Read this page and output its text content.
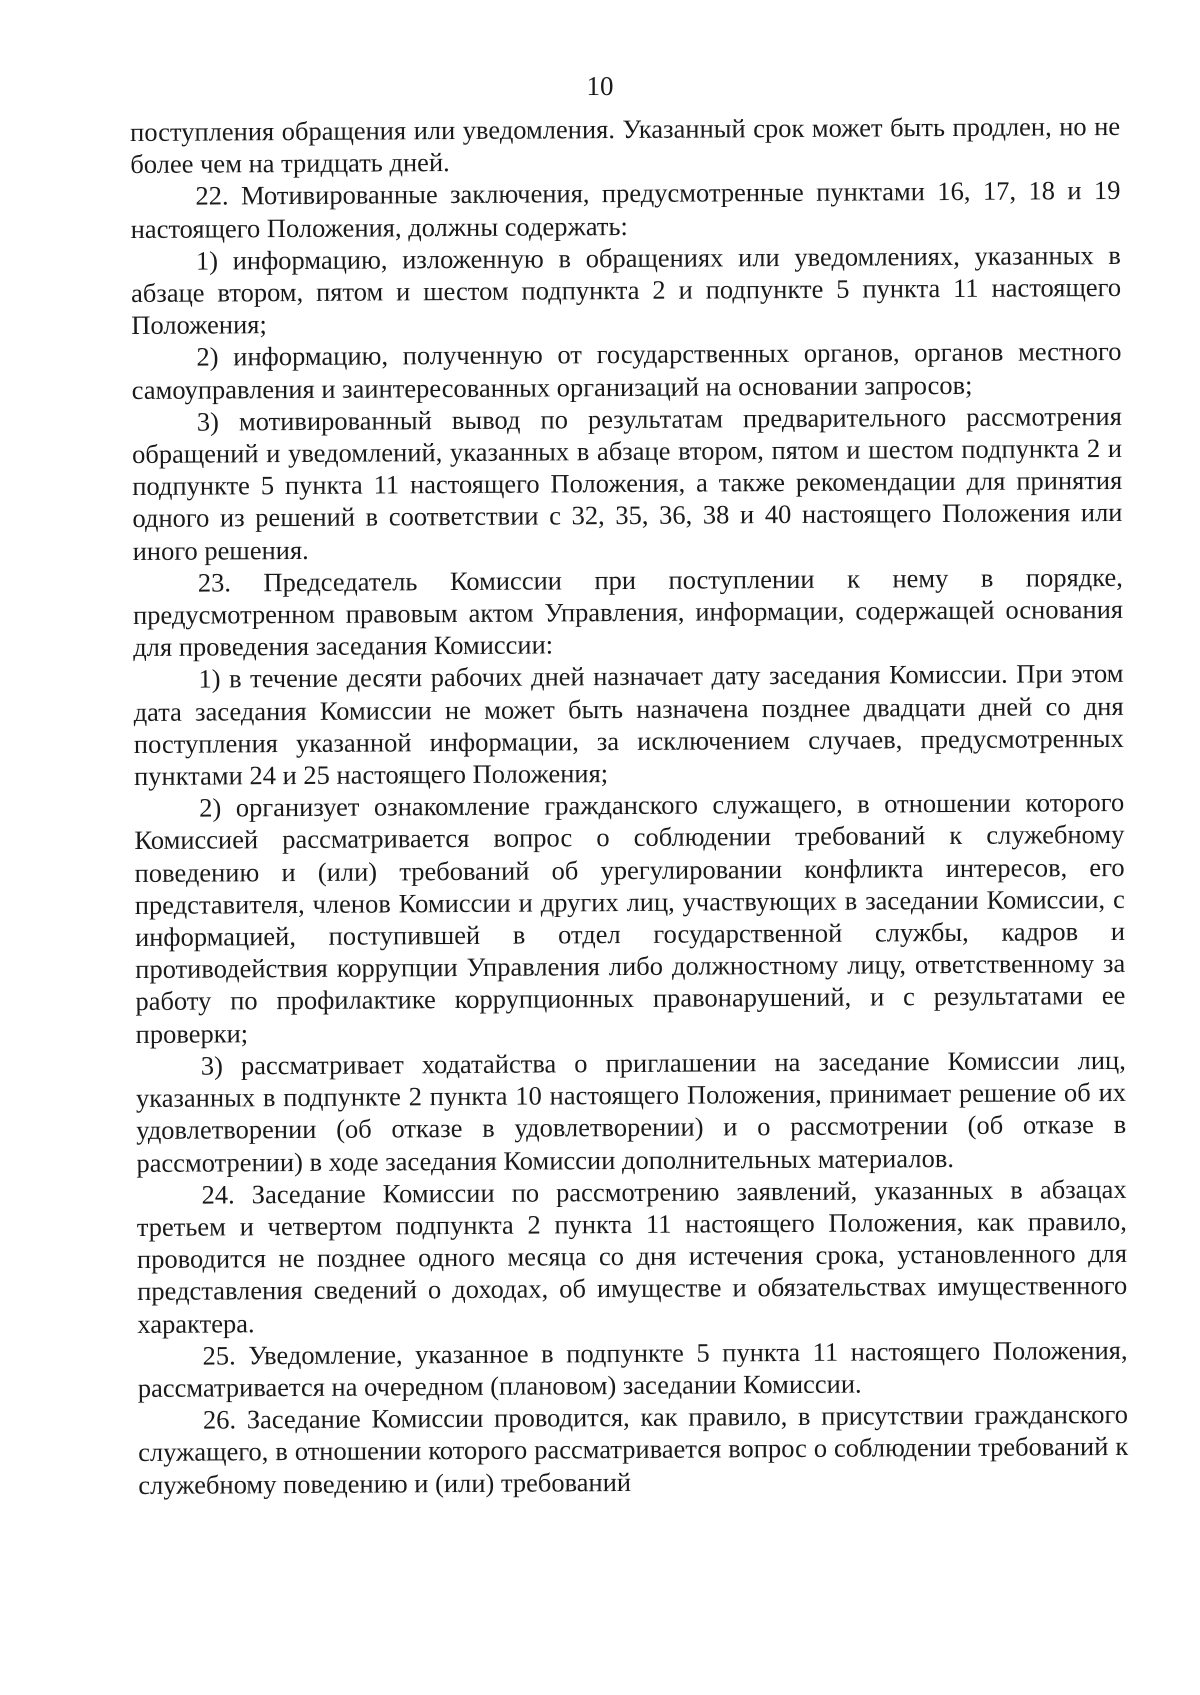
10

поступления обращения или уведомления. Указанный срок может быть продлен, но не более чем на тридцать дней.

22. Мотивированные заключения, предусмотренные пунктами 16, 17, 18 и 19 настоящего Положения, должны содержать:

1) информацию, изложенную в обращениях или уведомлениях, указанных в абзаце втором, пятом и шестом подпункта 2 и подпункте 5 пункта 11 настоящего Положения;

2) информацию, полученную от государственных органов, органов местного самоуправления и заинтересованных организаций на основании запросов;

3) мотивированный вывод по результатам предварительного рассмотрения обращений и уведомлений, указанных в абзаце втором, пятом и шестом подпункта 2 и подпункте 5 пункта 11 настоящего Положения, а также рекомендации для принятия одного из решений в соответствии с 32, 35, 36, 38 и 40 настоящего Положения или иного решения.

23. Председатель Комиссии при поступлении к нему в порядке, предусмотренном правовым актом Управления, информации, содержащей основания для проведения заседания Комиссии:

1) в течение десяти рабочих дней назначает дату заседания Комиссии. При этом дата заседания Комиссии не может быть назначена позднее двадцати дней со дня поступления указанной информации, за исключением случаев, предусмотренных пунктами 24 и 25 настоящего Положения;

2) организует ознакомление гражданского служащего, в отношении которого Комиссией рассматривается вопрос о соблюдении требований к служебному поведению и (или) требований об урегулировании конфликта интересов, его представителя, членов Комиссии и других лиц, участвующих в заседании Комиссии, с информацией, поступившей в отдел государственной службы, кадров и противодействия коррупции Управления либо должностному лицу, ответственному за работу по профилактике коррупционных правонарушений, и с результатами ее проверки;

3) рассматривает ходатайства о приглашении на заседание Комиссии лиц, указанных в подпункте 2 пункта 10 настоящего Положения, принимает решение об их удовлетворении (об отказе в удовлетворении) и о рассмотрении (об отказе в рассмотрении) в ходе заседания Комиссии дополнительных материалов.

24. Заседание Комиссии по рассмотрению заявлений, указанных в абзацах третьем и четвертом подпункта 2 пункта 11 настоящего Положения, как правило, проводится не позднее одного месяца со дня истечения срока, установленного для представления сведений о доходах, об имуществе и обязательствах имущественного характера.

25. Уведомление, указанное в подпункте 5 пункта 11 настоящего Положения, рассматривается на очередном (плановом) заседании Комиссии.

26. Заседание Комиссии проводится, как правило, в присутствии гражданского служащего, в отношении которого рассматривается вопрос о соблюдении требований к служебному поведению и (или) требований
